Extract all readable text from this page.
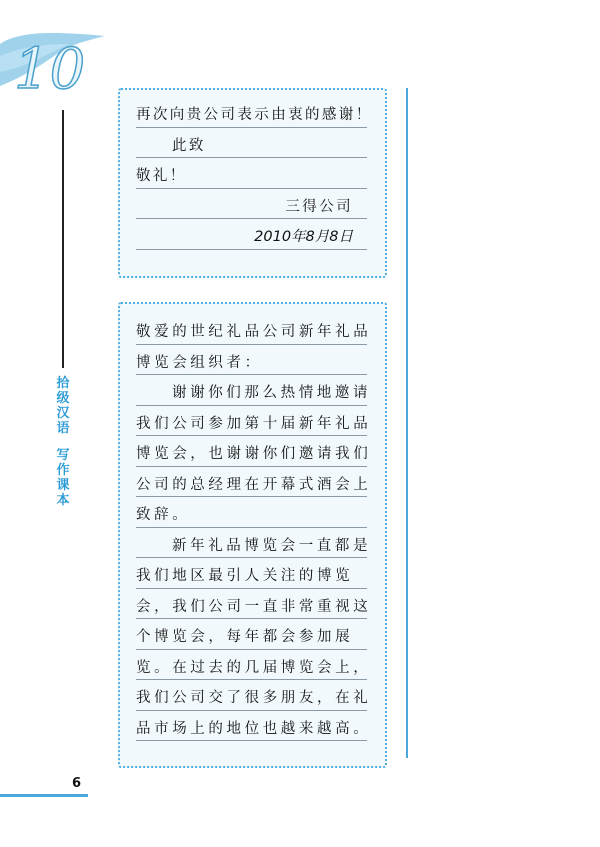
10
拾
级
汉
语
写
作
课
本
再次向贵公司表示由衷的感谢！
此致
敬礼！
三得公司
2010年8月8日
敬爱的世纪礼品公司新年礼品
博览会组织者：
谢谢你们那么热情地邀请
我们公司参加第十届新年礼品
博览会，也谢谢你们邀请我们
公司的总经理在开幕式酒会上
致辞。
新年礼品博览会一直都是
我们地区最引人关注的博览
会，我们公司一直非常重视这
个博览会，每年都会参加展
览。在过去的几届博览会上，
我们公司交了很多朋友，在礼
品市场上的地位也越来越高。
6
